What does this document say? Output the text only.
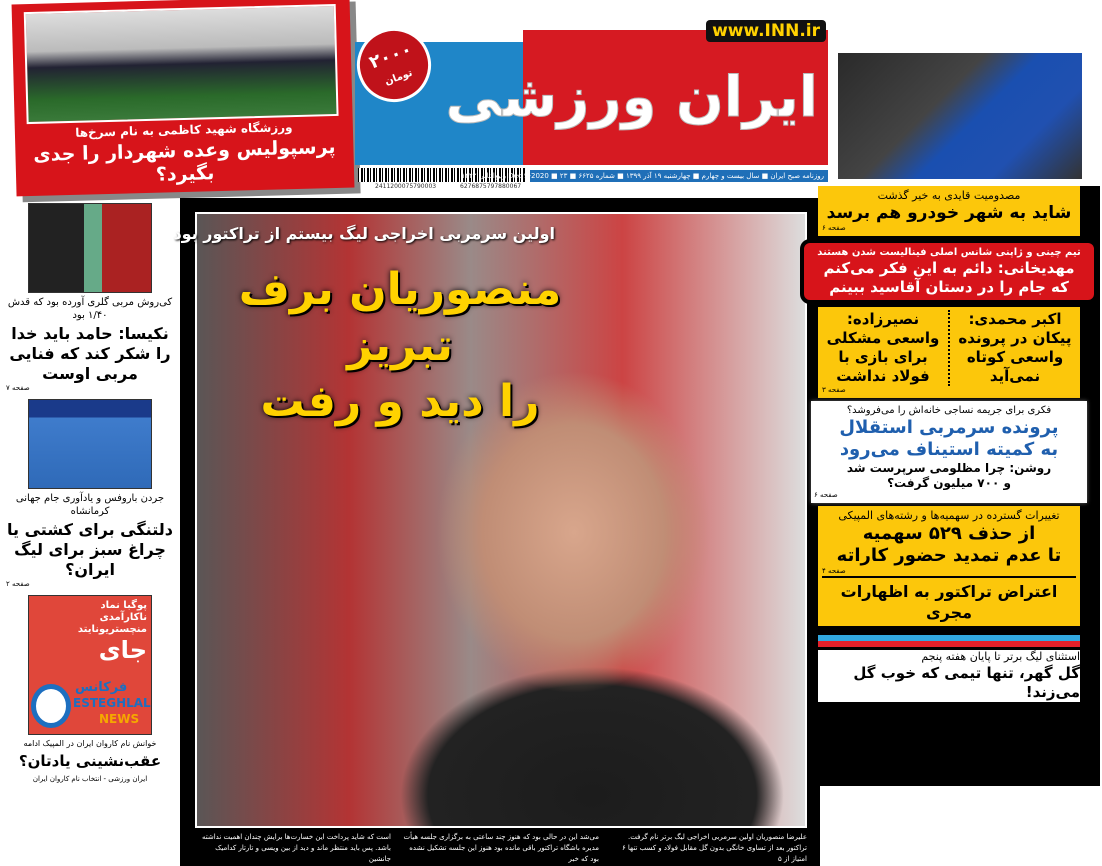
ورزشگاه شهید کاظمی به نام سرخ‌ها
پرسپولیس وعده شهردار را جدی بگیرد؟
ایران ورزشی
www.INN.ir
۲۰۰۰
تومان
2411200075790003	6276875797880067
روزنامه صبح ایران ■ سال بیست و چهارم ■ چهارشنبه ۱۹ آذر ۱۳۹۹ ■ شماره ۶۶۲۵ ■ Dec 9-2020 ■ ۲۳ ربیع‌الثانی ۱۴۴۲
اولین سرمربی اخراجی لیگ بیستم از تراکتور بود
منصوریان برف تبریز
را دید و رفت

علیرضا منصوریان اولین سرمربی اخراجی لیگ برتر نام گرفت. تراکتور بعد از تساوی خانگی بدون گل مقابل فولاد و کسب تنها ۶ امتیاز از ۵

می‌شد این در حالی بود که هنوز چند ساعتی به برگزاری جلسه هیأت مدیره باشگاه تراکتور باقی مانده بود هنوز این جلسه تشکیل نشده بود که خبر

است که شاید پرداخت این خسارت‌ها برایش چندان اهمیت نداشته باشد. پس باید منتظر ماند و دید از بین ویسی و تارتار کدامیک جانشین

کی‌روش مربی گلری آورده بود که قدش ۱/۴۰ بود
نکیسا: حامد باید خدا را شکر کند که فنایی مربی اوست
صفحه ۷
جردن باروفس و یادآوری جام جهانی کرمانشاه
دلتنگی برای کشتی یا چراغ سبز برای لیگ ایران؟
صفحه ۲
پوگبا نماد ناکارآمدی منچستریونایتد
جای
فرکانس
ESTEGHLAL
NEWS
خوانش نام کاروان ایران در المپیک ادامه
عقب‌نشینی یادتان؟
ایران ورزشی - انتخاب نام کاروان ایران
مصدومیت قایدی به خیر گذشت
شاید به شهر خودرو هم برسد
صفحه ۶
تیم چینی و ژاپنی شانس اصلی فینالیست شدن هستند
مهدیخانی: دائم به این فکر می‌کنم
که جام را در دستان آقاسید ببینم
اکبر محمدی: پیکان در پرونده واسعی کوتاه نمی‌آید
نصیرزاده: واسعی مشکلی برای بازی با فولاد نداشت
صفحه ۳
فکری برای جریمه نساجی خانه‌اش را می‌فروشد؟
پرونده سرمربی استقلال
به کمیته استیناف می‌رود
روشن: چرا مظلومی سرپرست شد
و ۷۰۰ میلیون گرفت؟
صفحه ۶
تغییرات گسترده در سهمیه‌ها و رشته‌های المپیکی
از حذف ۵۲۹ سهمیه
تا عدم تمدید حضور کاراته
صفحه ۴
اعتراض تراکتور به اظهارات مجری
استثنای لیگ برتر تا پایان هفته پنجم
گل گهر، تنها تیمی که خوب گل می‌زند!
